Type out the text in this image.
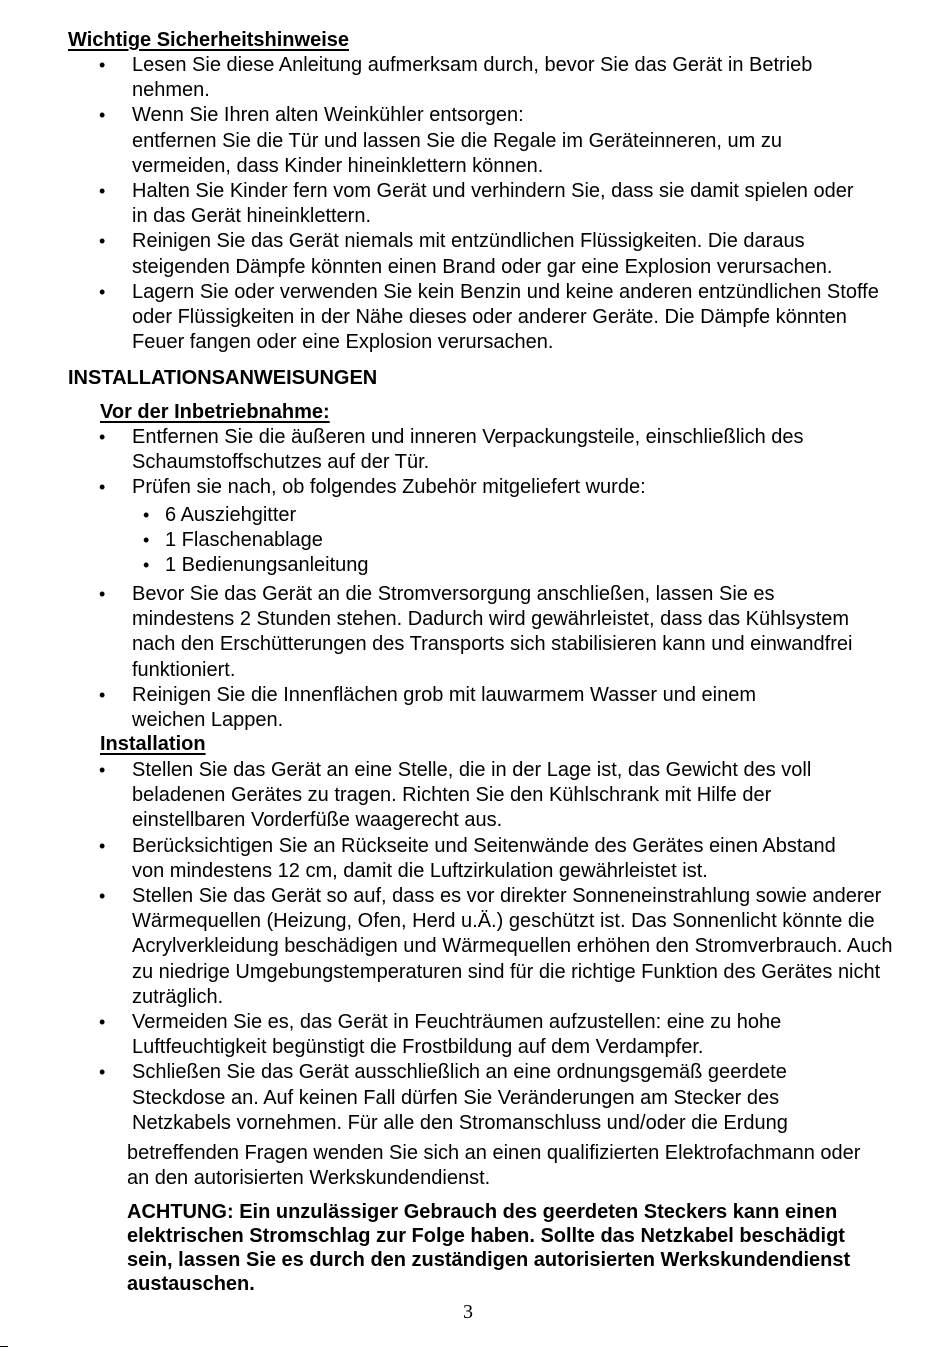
Wichtige Sicherheitshinweise
•	Lesen Sie diese Anleitung aufmerksam durch, bevor Sie das Gerät in Betrieb nehmen.
•	Wenn Sie Ihren alten Weinkühler entsorgen:
entfernen Sie die Tür und lassen Sie die Regale im Geräteinneren, um zu vermeiden, dass Kinder hineinklettern können.
•	Halten Sie Kinder fern vom Gerät und verhindern Sie, dass sie damit spielen oder in das Gerät hineinklettern.
•	Reinigen Sie das Gerät niemals mit entzündlichen Flüssigkeiten. Die daraus steigenden Dämpfe könnten einen Brand oder gar eine Explosion verursachen.
•	Lagern Sie oder verwenden Sie kein Benzin und keine anderen entzündlichen Stoffe oder Flüssigkeiten in der Nähe dieses oder anderer Geräte. Die Dämpfe könnten Feuer fangen oder eine Explosion verursachen.
INSTALLATIONSANWEISUNGEN
Vor der Inbetriebnahme:
•	Entfernen Sie die äußeren und inneren Verpackungsteile, einschließlich des Schaumstoffschutzes auf der Tür.
•	Prüfen sie nach, ob folgendes Zubehör mitgeliefert wurde:
• 6 Ausziehgitter
• 1 Flaschenablage
• 1 Bedienungsanleitung
•	Bevor Sie das Gerät an die Stromversorgung anschließen, lassen Sie es mindestens 2 Stunden stehen. Dadurch wird gewährleistet, dass das Kühlsystem nach den Erschütterungen des Transports sich stabilisieren kann und einwandfrei funktioniert.
•	Reinigen Sie die Innenflächen grob mit lauwarmem Wasser und einem weichen Lappen.
Installation
•	Stellen Sie das Gerät an eine Stelle, die in der Lage ist, das Gewicht des voll beladenen Gerätes zu tragen. Richten Sie den Kühlschrank mit Hilfe der einstellbaren Vorderfüße waagerecht aus.
•	Berücksichtigen Sie an Rückseite und Seitenwände des Gerätes einen Abstand von mindestens 12 cm, damit die Luftzirkulation gewährleistet ist.
•	Stellen Sie das Gerät so auf, dass es vor direkter Sonneneinstrahlung sowie anderer Wärmequellen (Heizung, Ofen, Herd u.Ä.) geschützt ist. Das Sonnenlicht könnte die Acrylverkleidung beschädigen und Wärmequellen erhöhen den Stromverbrauch. Auch zu niedrige Umgebungstemperaturen sind für die richtige Funktion des Gerätes nicht zuträglich.
•	Vermeiden Sie es, das Gerät in Feuchträumen aufzustellen: eine zu hohe Luftfeuchtigkeit begünstigt die Frostbildung auf dem Verdampfer.
•	Schließen Sie das Gerät ausschließlich an eine ordnungsgemäß geerdete Steckdose an. Auf keinen Fall dürfen Sie Veränderungen am Stecker des Netzkabels vornehmen. Für alle den Stromanschluss und/oder die Erdung

betreffenden Fragen wenden Sie sich an einen qualifizierten Elektrofachmann oder an den autorisierten Werkskundendienst.

ACHTUNG: Ein unzulässiger Gebrauch des geerdeten Steckers kann einen elektrischen Stromschlag zur Folge haben. Sollte das Netzkabel beschädigt sein, lassen Sie es durch den zuständigen autorisierten Werkskundendienst austauschen.

3
